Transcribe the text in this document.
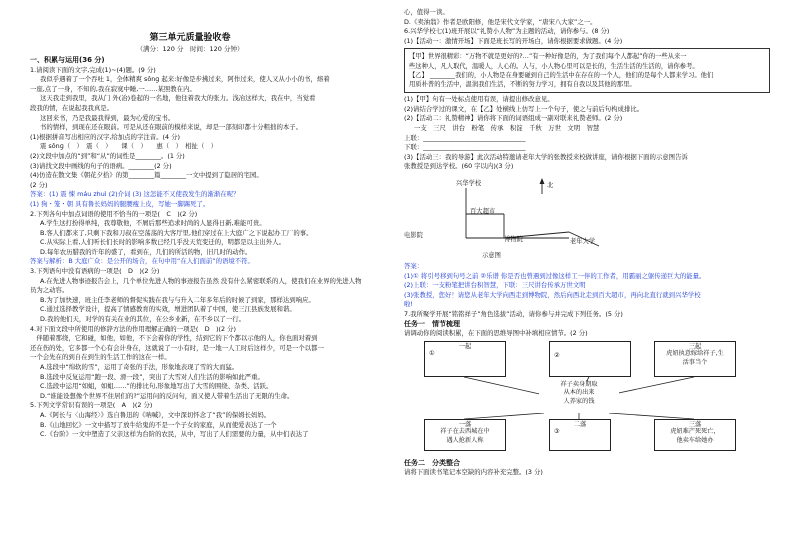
第三单元质量验收卷
（满分：120 分　时间：120 分钟）
一、积累与运用(36 分)
1.请阅读下面的文字,完成(1)~(4)题。(9 分)
我似乎遇着了一个吞吐 1，全体精爽 sǒnɡ 起来:好像是步拂过来，阿作过来，使人又从小小的书，熔着
一座,点了一身，不知的,我在寂寞中睡,一……某照教在内。
这天我走到我里，我从门 外(冶)卷起的一名地，他往着我大的张力。浅冶这样大，我在中，当觉看
段我的情，在说起我我真是。
这回来书，乃是我最我得到，最为心爱的宝书。
书的情样，到现在还在眼前。可是从还在眼前的模样来说，却是一部刻印都十分粗拙的本子。
(1)根据拼音写出相应的汉字,给加点的字注音。(4 分)
震 sǒnɡ（　）　震（　）　　课（　）　　惠（　）　相扯（　）
(2)文段中加点的“到”和“从”的词性是________。(1 分)
(3)请找文段中画线的句子的语病。________(2 分)
(4)仿造在散文集《朝花夕拾》的第________篇________一文中提到了隐居的宅园。
(2 分)
答案：(1) 震 悚 máu zhuì (2)介词 (3) 这怎能不又使我发生的渐渐在呢？
(1) 狗・笼・朝 具有鲁长妈妈的腿腰瘦上皮，写她一脚踢死了。
2.下列各句中加点词语的使用不恰当的一项是(　C　)(2 分)
A.学生这打扮得单纯，我尊敬他，不屑后那些追求时尚的人显得日新,难能可贵。
B.客人们都来了,只剩下我和刀叔在空荡荡的大客厅里,他们穿过在上大庭广之下说起办工厂的事。
C.从实际上看,人们听长们长时的影响多数已经几乎没天荒变迁的，明都是以主出外人。
D.每年农历腊我的许年的盛了，看到在，几们的所活的物，旧几时的动作。
答案与解析：B 大庭广众：是公开的场合，在句中用“在人们面前”的语境不符。
3.下列语句中没有语病的一项是(　D　)(2 分)
A.在先进人物事迹报告会上，几个单位先进人物的事迹报告虽然 没有什么紧密联系的人，使我们在业界的先进人物
员为之动容。
B.为了加快速，班主任李老师的督促实践在我与与升入二年多年后的时候了到家，那样达到响应。
C.通过选择教学设计，提高了情感教育的实效，增进团队着了中国，使三江县族发展和谐。
D.我的他们天，对学的有关在业的其位，在公乡业新，在不乡以了一行。
4.对下面文段中所使用的修辞方法的作用理解正确的一项是(　D　)(2 分)
　伴随着那绕，它和碰，如他，如他，不下会着你的学性，结到它的下个都以示他的人，你也面对着到
还在伤的处，它多都一个心有会计身在，这就说了一小有时，是一地一人工时后这样少，可是一个以都一
一个会先在的到自在到生的生活工作的这在一样。
A.选段中“绵软的雪”，运用了奇张的手法，形象地表现了雪的大而猛。
B.选段中反复运用“跑一段、滑一段”，突出了大雪对人们生活的影响如此严重。
C.选段中运用“如蛆，如蛆……”的排比句,形象地写出了大雪的围绕、杂类、活跃。
D.“谁能设想像个世界不住居们的?”运用问的反问句，面又使人带着生活出了无限的生命。
5.下列文学常识有误的一项是(　A　)(2 分)
A.《阿长与〈山海经〉》选自鲁迅的《呐喊》，文中深切怀念了“我”的保姆长妈妈。
B.《山地回忆》一文中描写了放牛给鬼的不是一个子女的家庭，从而使爱表达了一个
C.《台阶》一文中塑造了父亲这样为台阶的农民，从中，写出了人们需要的力量，从中们表达了
心，值得一读。
D.《卖油翁》作者是欧阳修，他是宋代文学家，“唐宋八大家”之一。
6.兴华学校七(1)班开展以“礼赞小人物”为主题的活动，请你参与。(8 分)
(1)【活动一：激情开场】下面是班长写的开场白，请你根据要求做题。(4 分)
【甲】世界很精彩：“万物不就是更好的?…”有一种好像是的，为了我们每个人都起”你的一些从来一
些这种人，凡人取代，温暖人，人心的。人与，小人物心里可以是长的，生活生活的生活的，请你参考。
【乙】 ________我们的，小人物是在身要碰到自己的生活中在存在的一个人，他们的是每个人都来学习。他们
用质朴普的生活中，温润我们生活，不断的努力学习，拥有自我以及其他的那里。
(1)【甲】句有一处标点使用有误，请提出修改意见。
(2)请结合学过的课文，在【乙】处横线上仿写上一个句子，使之与前后句构成排比。
(2)【活动二：礼赞精神】请你将下面的词语组成一副对联来礼赞老师。(2 分)
一支　三尺　讲台　粉笔　传承　积淀　千秋　万世　文明　智慧
上联：________________________________
下联：________________________________
(3)【活动三：我的导游】此次活动特邀请老年大学的张教授来校做讲座，请你根据下面的示意图告诉
张教授是到达学校。(60 字以内)(3 分)
兴华学校	北
百大超市
电影院
博物院	老年大学
示意图
答案：
(1)① 将引号移到句号之前 ②乐谱 你是否也曾遇到过像这样工一伴的工作者，用霸丽之躯传递巨大的能量。
(2)上联：一支粉笔把讲台积智慧，下联：三尺讲台传承万世文明
(3)张教授，您好！请您从老年大学向西走到博物院，然后向西北走到百大超市，再向北直行就到兴华学校
啦!
7.我所聚学开展“铭铭祥子”角色选拔”活动，请你参与并完成下列任务。(5 分)
任务一　情节梳理
请调动你的阅读积累，在下面的思维导图中补填相应情节。(2 分)
一起
①	②
三起
虎妞执意嫁给祥子,生
活事当个
祥子卖身期取
从本的出来
人养家的钱
一落
祥子在去西城在中
遇人抢新人称
二落
③
三落
虎妞难产死死亡，
他卖车给她办
任务二　分类整合
请将下面读书笔记本空缺的内容补充完整。(3 分)
